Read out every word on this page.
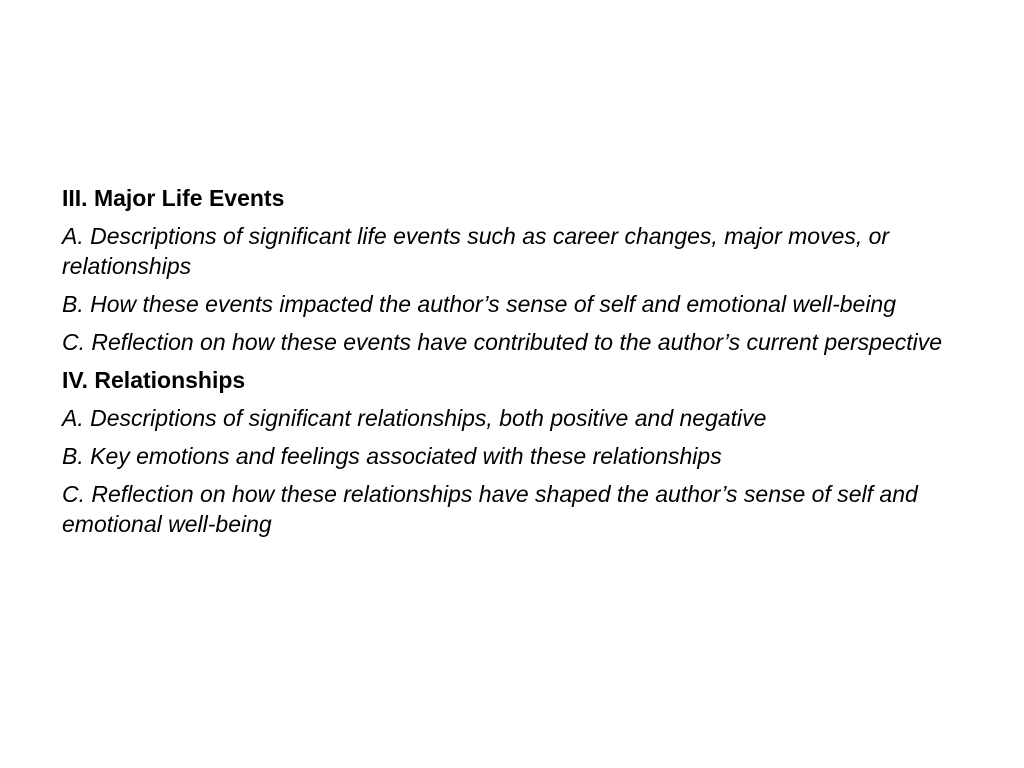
III. Major Life Events
A. Descriptions of significant life events such as career changes, major moves, or relationships
B. How these events impacted the author’s sense of self and emotional well-being
C. Reflection on how these events have contributed to the author’s current perspective
IV. Relationships
A. Descriptions of significant relationships, both positive and negative
B. Key emotions and feelings associated with these relationships
C. Reflection on how these relationships have shaped the author’s sense of self and emotional well-being
